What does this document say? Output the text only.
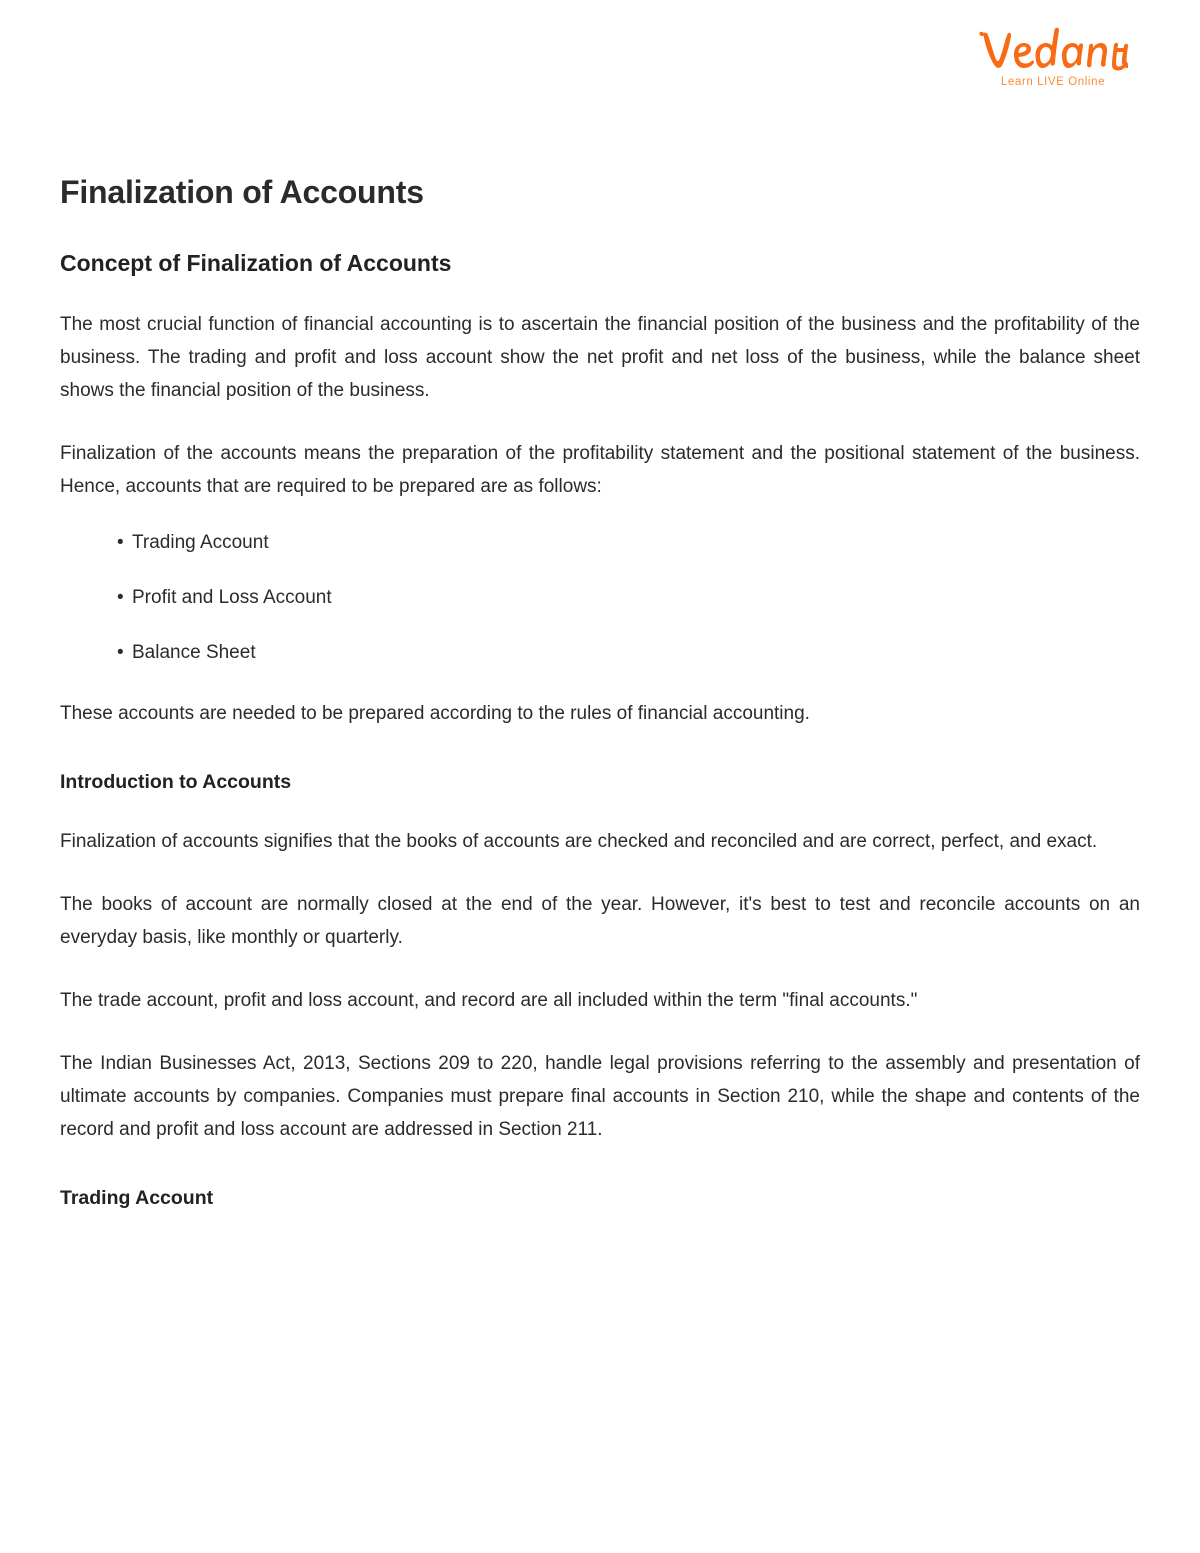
Learn LIVE Online
Finalization of Accounts
Concept of Finalization of Accounts

The most crucial function of financial accounting is to ascertain the financial position of the business and the profitability of the business. The trading and profit and loss account show the net profit and net loss of the business, while the balance sheet shows the financial position of the business.

Finalization of the accounts means the preparation of the profitability statement and the positional statement of the business. Hence, accounts that are required to be prepared are as follows:

• Trading Account
• Profit and Loss Account
• Balance Sheet

These accounts are needed to be prepared according to the rules of financial accounting.

Introduction to Accounts

Finalization of accounts signifies that the books of accounts are checked and reconciled and are correct, perfect, and exact.

The books of account are normally closed at the end of the year. However, it's best to test and reconcile accounts on an everyday basis, like monthly or quarterly.

The trade account, profit and loss account, and record are all included within the term "final accounts."

The Indian Businesses Act, 2013, Sections 209 to 220, handle legal provisions referring to the assembly and presentation of ultimate accounts by companies. Companies must prepare final accounts in Section 210, while the shape and contents of the record and profit and loss account are addressed in Section 211.

Trading Account
